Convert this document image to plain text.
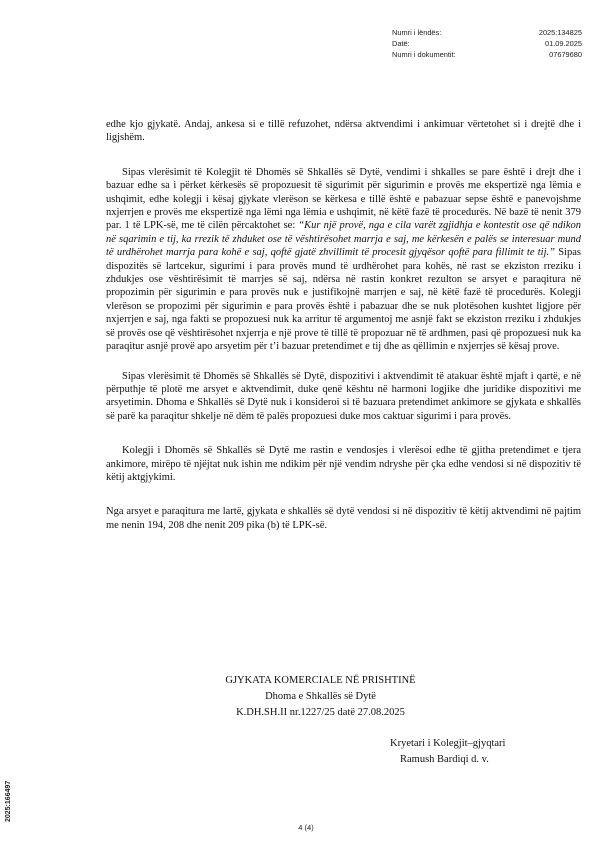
Numri i lëndës:	2025:134825
Datë:	01.09.2025
Numri i dokumentit:	07679680

edhe kjo gjykatë. Andaj, ankesa si e tillë refuzohet, ndërsa aktvendimi i ankimuar vërtetohet si i drejtë dhe i ligjshëm.

Sipas vlerësimit të Kolegjit të Dhomës së Shkallës së Dytë, vendimi i shkalles se pare është i drejt dhe i bazuar edhe sa i përket kërkesës së propozuesit të sigurimit për sigurimin e provës me ekspertizë nga lëmia e ushqimit, edhe kolegji i kësaj gjykate vlerëson se kërkesa e tillë është e pabazuar sepse është e panevojshme nxjerrjen e provës me ekspertizë nga lëmi nga lëmia e ushqimit, në këtë fazë të procedurës. Në bazë të nenit 379 par. 1 të LPK-së, me të cilën përcaktohet se: “Kur një provë, nga e cila varët zgjidhja e kontestit ose që ndikon në sqarimin e tij, ka rrezik të zhduket ose të vështirësohet marrja e saj, me kërkesën e palës se interesuar mund të urdhërohet marrja para kohë e saj, qoftë gjatë zhvillimit të procesit gjyqësor qoftë para fillimit te tij.” Sipas dispozitës së lartcekur, sigurimi i para provës mund të urdhërohet para kohës, në rast se ekziston rreziku i zhdukjes ose vështirësimit të marrjes së saj, ndërsa në rastin konkret rezulton se arsyet e paraqitura në propozimin për sigurimin e para provës nuk e justifikojnë marrjen e saj, në këtë fazë të procedurës. Kolegji vlerëson se propozimi për sigurimin e para provës është i pabazuar dhe se nuk plotësohen kushtet ligjore për nxjerrjen e saj, nga fakti se propozuesi nuk ka arritur të argumentoj me asnjë fakt se ekziston rreziku i zhdukjes së provës ose që vështirësohet nxjerrja e një prove të tillë të propozuar në të ardhmen, pasi që propozuesi nuk ka paraqitur asnjë provë apo arsyetim për t’i bazuar pretendimet e tij dhe as qëllimin e nxjerrjes së kësaj prove.

Sipas vlerësimit të Dhomës së Shkallës së Dytë, dispozitivi i aktvendimit të atakuar është mjaft i qartë, e në përputhje të plotë me arsyet e aktvendimit, duke qenë kështu në harmoni logjike dhe juridike dispozitivi me arsyetimin. Dhoma e Shkallës së Dytë nuk i konsideroi si të bazuara pretendimet ankimore se gjykata e shkallës së parë ka paraqitur shkelje në dëm të palës propozuesi duke mos caktuar sigurimi i para provës.

Kolegji i Dhomës së Shkallës së Dytë me rastin e vendosjes i vlerësoi edhe të gjitha pretendimet e tjera ankimore, mirëpo të njëjtat nuk ishin me ndikim për një vendim ndryshe për çka edhe vendosi si në dispozitiv të këtij aktgjykimi.

Nga arsyet e paraqitura me lartë, gjykata e shkallës së dytë vendosi si në dispozitiv të këtij aktvendimi në pajtim me nenin 194, 208 dhe nenit 209 pika (b) të LPK-së.

GJYKATA KOMERCIALE NË PRISHTINË
Dhoma e Shkallës së Dytë
K.DH.SH.II nr.1227/25 datë 27.08.2025
Kryetari i Kolegjit–gjyqtari
Ramush Bardiqi d. v.
4 (4)
2025:166497
